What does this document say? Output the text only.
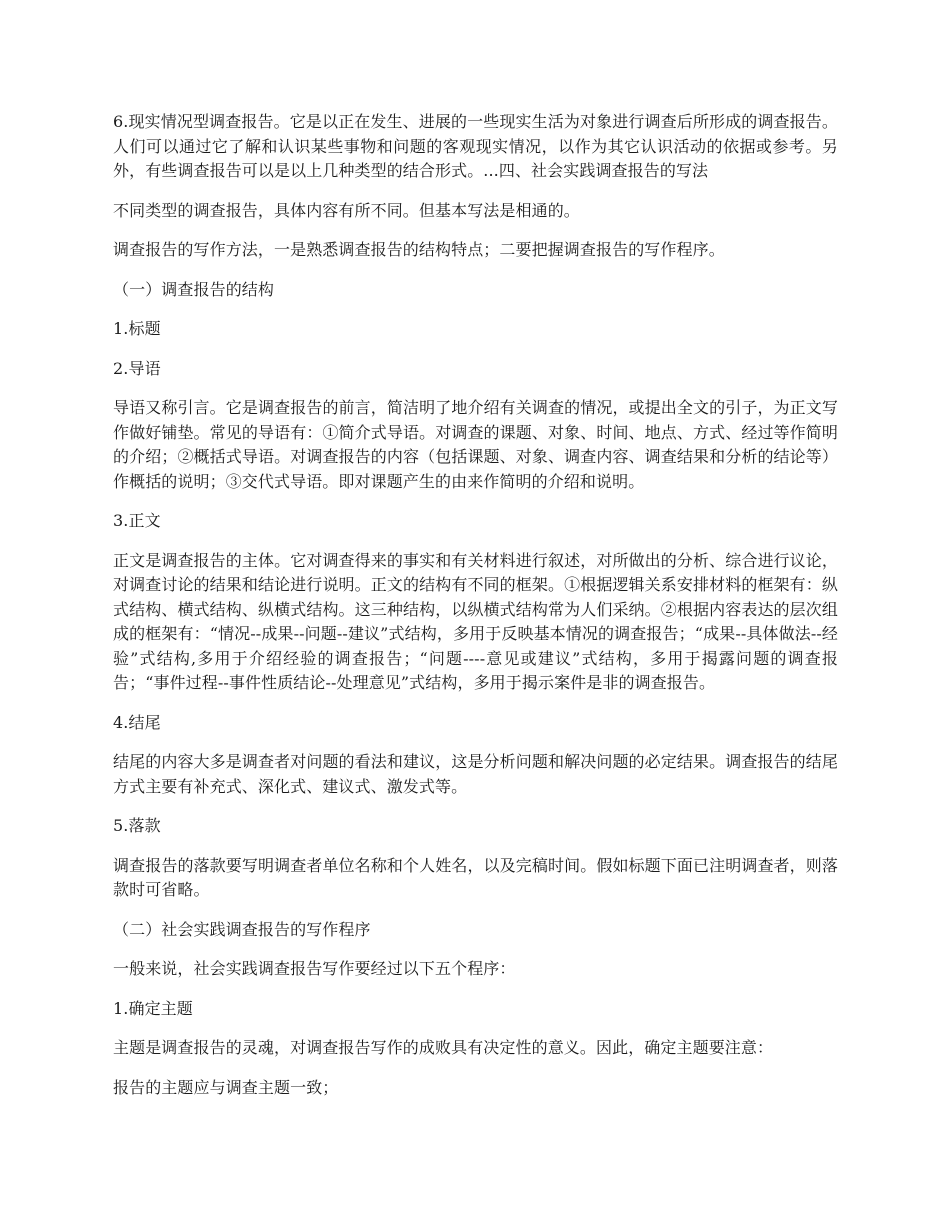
6.现实情况型调查报告。它是以正在发生、进展的一些现实生活为对象进行调查后所形成的调查报告。人们可以通过它了解和认识某些事物和问题的客观现实情况，以作为其它认识活动的依据或参考。另外，有些调查报告可以是以上几种类型的结合形式。...四、社会实践调查报告的写法

不同类型的调查报告，具体内容有所不同。但基本写法是相通的。

调查报告的写作方法，一是熟悉调查报告的结构特点；二要把握调查报告的写作程序。

（一）调查报告的结构

1.标题

2.导语

导语又称引言。它是调查报告的前言，简洁明了地介绍有关调查的情况，或提出全文的引子，为正文写作做好铺垫。常见的导语有：①简介式导语。对调查的课题、对象、时间、地点、方式、经过等作简明的介绍；②概括式导语。对调查报告的内容（包括课题、对象、调查内容、调查结果和分析的结论等）作概括的说明；③交代式导语。即对课题产生的由来作简明的介绍和说明。

3.正文

正文是调查报告的主体。它对调查得来的事实和有关材料进行叙述，对所做出的分析、综合进行议论，对调查讨论的结果和结论进行说明。正文的结构有不同的框架。①根据逻辑关系安排材料的框架有：纵式结构、横式结构、纵横式结构。这三种结构，以纵横式结构常为人们采纳。②根据内容表达的层次组成的框架有：“情况--成果--问题--建议”式结构，多用于反映基本情况的调查报告；“成果--具体做法--经验”式结构,多用于介绍经验的调查报告；“问题----意见或建议”式结构，多用于揭露问题的调查报告；“事件过程--事件性质结论--处理意见”式结构，多用于揭示案件是非的调查报告。

4.结尾

结尾的内容大多是调查者对问题的看法和建议，这是分析问题和解决问题的必定结果。调查报告的结尾方式主要有补充式、深化式、建议式、激发式等。

5.落款

调查报告的落款要写明调查者单位名称和个人姓名，以及完稿时间。假如标题下面已注明调查者，则落款时可省略。

（二）社会实践调查报告的写作程序

一般来说，社会实践调查报告写作要经过以下五个程序：

1.确定主题

主题是调查报告的灵魂，对调查报告写作的成败具有决定性的意义。因此，确定主题要注意：

报告的主题应与调查主题一致；
